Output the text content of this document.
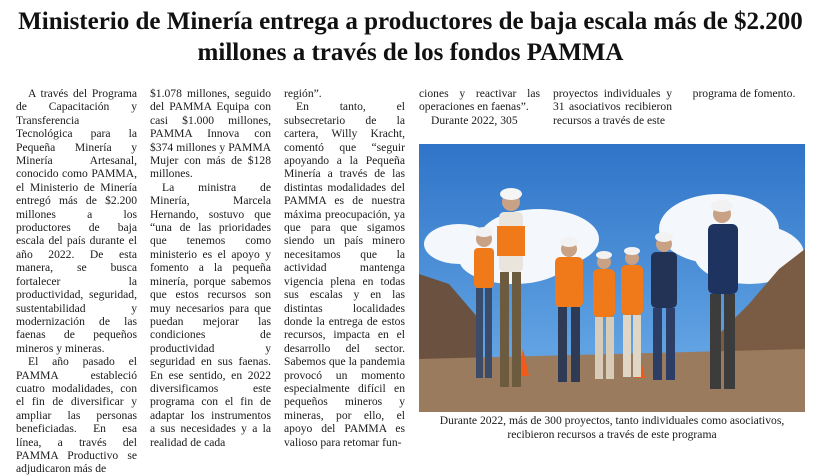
Ministerio de Minería entrega a productores de baja escala más de $2.200 millones a través de los fondos PAMMA

A través del Programa de Capacitación y Transferencia Tecnológica para la Pequeña Minería y Minería Artesanal, conocido como PAMMA, el Ministerio de Minería entregó más de $2.200 millones a los productores de baja escala del país durante el año 2022. De esta manera, se busca fortalecer la productividad, seguridad, sustentabilidad y modernización de las faenas de pequeños mineros y mineras.

El año pasado el PAMMA estableció cuatro modalidades, con el fin de diversificar y ampliar las personas beneficiadas. En esa línea, a través del PAMMA Productivo se adjudicaron más de

$1.078 millones, seguido del PAMMA Equipa con casi $1.000 millones, PAMMA Innova con $374 millones y PAMMA Mujer con más de $128 millones.

La ministra de Minería, Marcela Hernando, sostuvo que “una de las prioridades que tenemos como ministerio es el apoyo y fomento a la pequeña minería, porque sabemos que estos recursos son muy necesarios para que puedan mejorar las condiciones de productividad y seguridad en sus faenas. En ese sentido, en 2022 diversificamos este programa con el fin de adaptar los instrumentos a sus necesidades y a la realidad de cada

región”.

En tanto, el subsecretario de la cartera, Willy Kracht, comentó que “seguir apoyando a la Pequeña Minería a través de las distintas modalidades del PAMMA es de nuestra máxima preocupación, ya que para que sigamos siendo un país minero necesitamos que la actividad mantenga vigencia plena en todas sus escalas y en las distintas localidades donde la entrega de estos recursos, impacta en el desarrollo del sector. Sabemos que la pandemia provocó un momento especialmente difícil en pequeños mineros y mineras, por ello, el apoyo del PAMMA es valioso para retomar fun-

ciones y reactivar las operaciones en faenas”.

Durante 2022, 305

proyectos individuales y 31 asociativos recibieron recursos a través de este

programa de fomento.

Durante 2022, más de 300 proyectos, tanto individuales como asociativos, recibieron recursos a través de este programa
